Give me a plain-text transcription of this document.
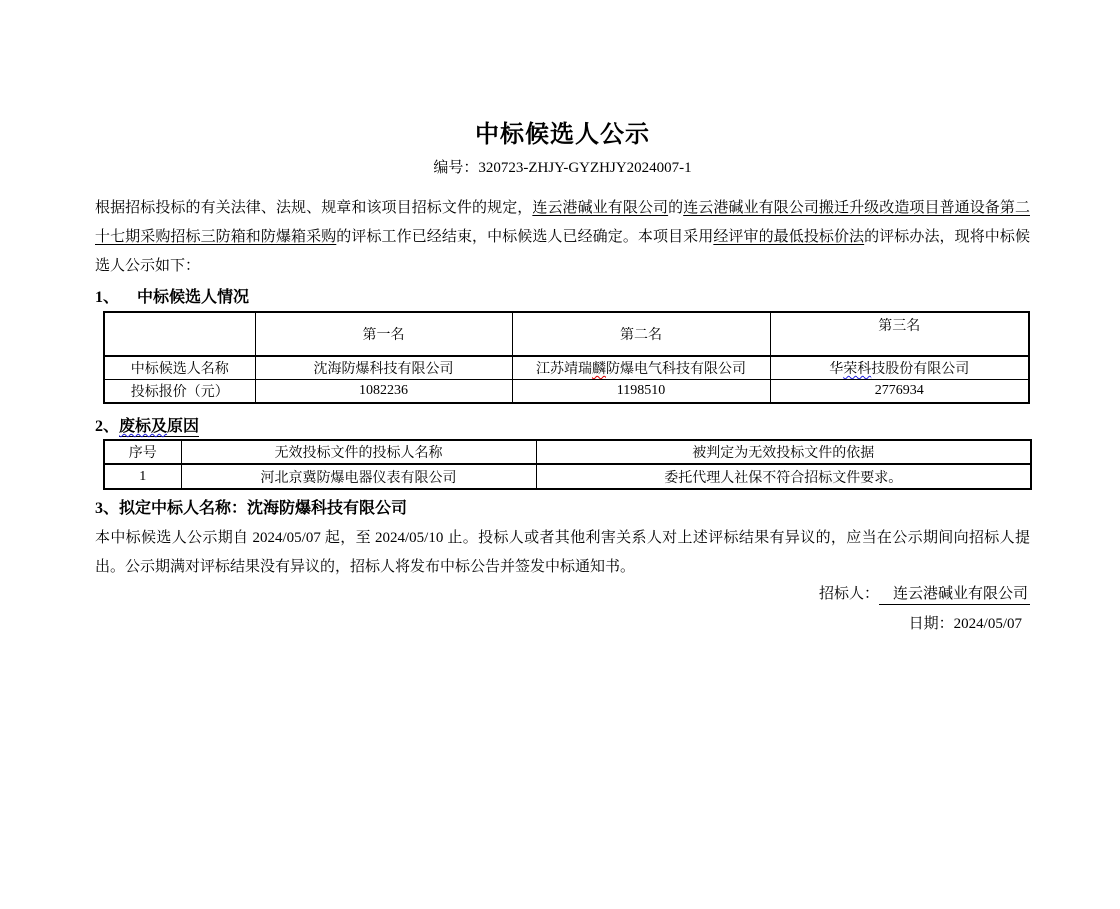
中标候选人公示
编号：320723-ZHJY-GYZHJY2024007-1

根据招标投标的有关法律、法规、规章和该项目招标文件的规定，连云港碱业有限公司的连云港碱业有限公司搬迁升级改造项目普通设备第二十七期采购招标三防箱和防爆箱采购的评标工作已经结束，中标候选人已经确定。本项目采用经评审的最低投标价法的评标办法，现将中标候选人公示如下：

1、 中标候选人情况
	第一名	第二名	第三名
中标候选人名称	沈海防爆科技有限公司	江苏靖瑞麟防爆电气科技有限公司	华荣科技股份有限公司
投标报价（元）	1082236	1198510	2776934
2、废标及原因
序号	无效投标文件的投标人名称	被判定为无效投标文件的依据
1	河北京冀防爆电器仪表有限公司	委托代理人社保不符合招标文件要求。
3、拟定中标人名称：沈海防爆科技有限公司

本中标候选人公示期自 2024/05/07 起，至 2024/05/10 止。投标人或者其他利害关系人对上述评标结果有异议的，应当在公示期间向招标人提出。公示期满对评标结果没有异议的，招标人将发布中标公告并签发中标通知书。

招标人： 连云港碱业有限公司
日期：2024/05/07
